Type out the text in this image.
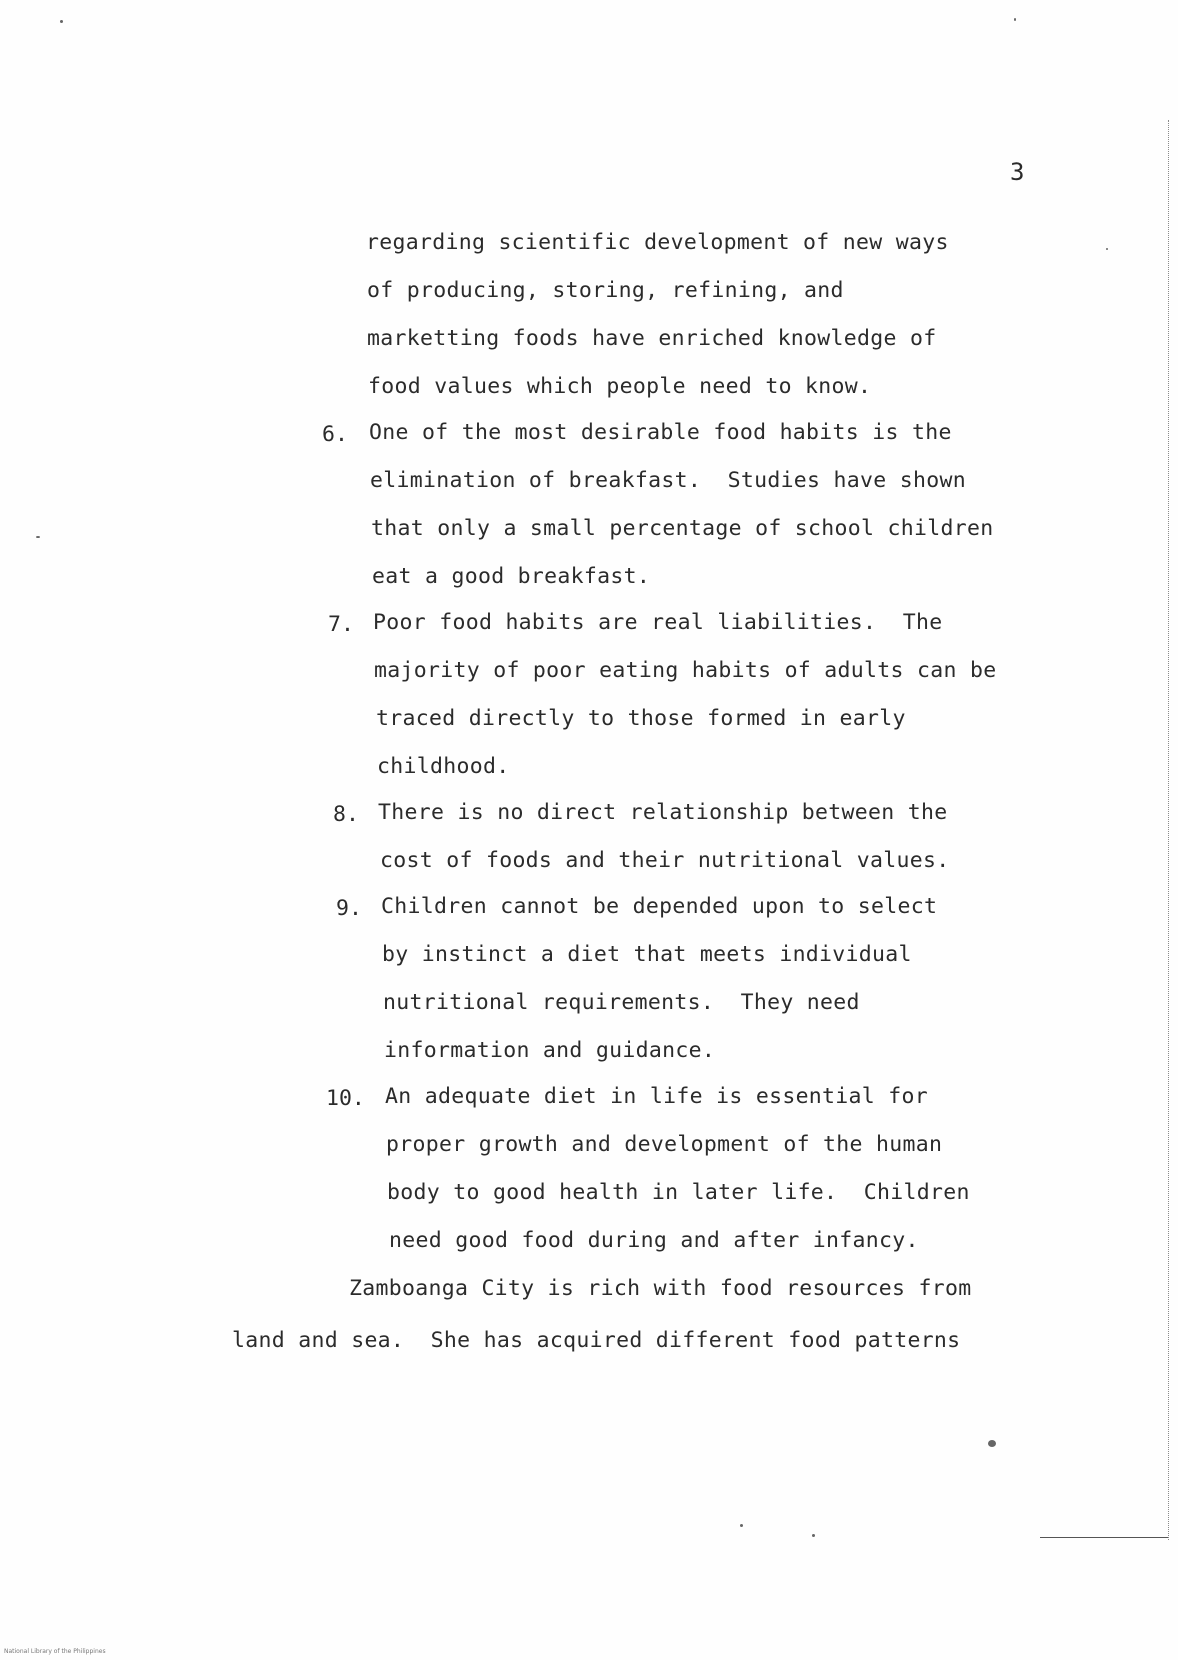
3
regarding scientific development of new ways
of producing, storing, refining, and
marketting foods have enriched knowledge of
food values which people need to know.
6. One of the most desirable food habits is the
elimination of breakfast.  Studies have shown
that only a small percentage of school children
eat a good breakfast.
7. Poor food habits are real liabilities.  The
majority of poor eating habits of adults can be
traced directly to those formed in early
childhood.
8. There is no direct relationship between the
cost of foods and their nutritional values.
9. Children cannot be depended upon to select
by instinct a diet that meets individual
nutritional requirements.  They need
information and guidance.
10. An adequate diet in life is essential for
proper growth and development of the human
body to good health in later life.  Children
need good food during and after infancy.
Zamboanga City is rich with food resources from
land and sea.  She has acquired different food patterns
National Library of the Philippines
